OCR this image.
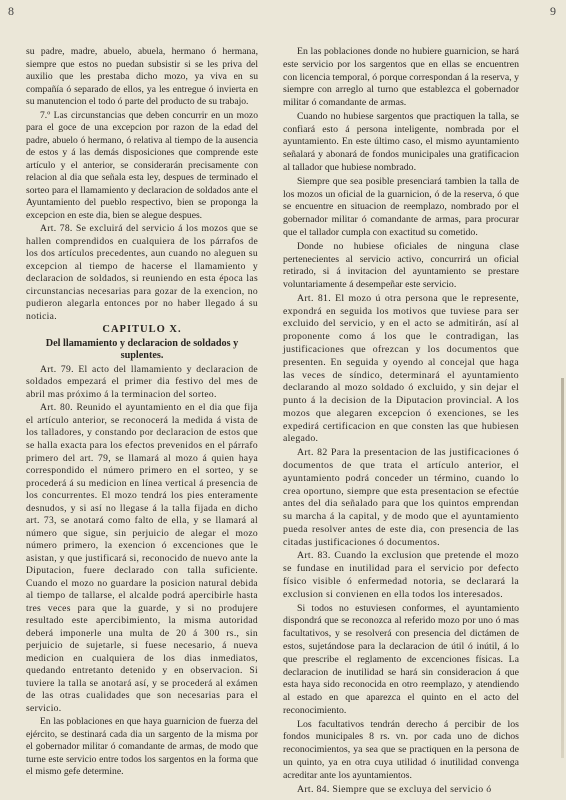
8	9

su padre, madre, abuelo, abuela, hermano ó hermana, siempre que estos no puedan subsistir si se les priva del auxilio que les prestaba dicho mozo, ya viva en su compañía ó separado de ellos, ya les entregue ó invierta en su manutencion el todo ó parte del producto de su trabajo.

7.º Las circunstancias que deben concurrir en un mozo para el goce de una excepcion por razon de la edad del padre, abuelo ó hermano, ó relativa al tiempo de la ausencia de estos y á las demás disposiciones que comprende este artículo y el anterior, se considerarán precisamente con relacion al dia que señala esta ley, despues de terminado el sorteo para el llamamiento y declaracion de soldados ante el Ayuntamiento del pueblo respectivo, bien se proponga la excepcion en este dia, bien se alegue despues.

Art. 78. Se excluirá del servicio á los mozos que se hallen comprendidos en cualquiera de los párrafos de los dos artículos precedentes, aun cuando no aleguen su excepcion al tiempo de hacerse el llamamiento y declaracion de soldados, si reuniendo en esta época las circunstancias necesarias para gozar de la exencion, no pudieron alegarla entonces por no haber llegado á su noticia.

CAPITULO X.

Del llamamiento y declaracion de soldados y suplentes.

Art. 79. El acto del llamamiento y declaracion de soldados empezará el primer dia festivo del mes de abril mas próximo á la terminacion del sorteo.

Art. 80. Reunido el ayuntamiento en el dia que fija el artículo anterior, se reconocerá la medida á vista de los talladores, y constando por declaracion de estos que se halla exacta para los efectos prevenidos en el párrafo primero del art. 79, se llamará al mozo á quien haya correspondido el número primero en el sorteo, y se procederá á su medicion en línea vertical á presencia de los concurrentes. El mozo tendrá los pies enteramente desnudos, y si así no llegase á la talla fijada en dicho art. 73, se anotará como falto de ella, y se llamará al número que sigue, sin perjuicio de alegar el mozo número primero, la exencion ó excenciones que le asistan, y que justificará si, reconocido de nuevo ante la Diputacion, fuere declarado con talla suficiente. Cuando el mozo no guardare la posicion natural debida al tiempo de tallarse, el alcalde podrá apercibirle hasta tres veces para que la guarde, y si no produjere resultado este apercibimiento, la misma autoridad deberá imponerle una multa de 20 á 300 rs., sin perjuicio de sujetarle, si fuese necesario, á nueva medicion en cualquiera de los dias inmediatos, quedando entretanto detenido y en observacion. Si tuviere la talla se anotará así, y se procederá al exámen de las otras cualidades que son necesarias para el servicio.

En las poblaciones en que haya guarnicion de fuerza del ejército, se destinará cada dia un sargento de la misma por el gobernador militar ó comandante de armas, de modo que turne este servicio entre todos los sargentos en la forma que el mismo gefe determine.

En las poblaciones donde no hubiere guarnicion, se hará este servicio por los sargentos que en ellas se encuentren con licencia temporal, ó porque correspondan á la reserva, y siempre con arreglo al turno que establezca el gobernador militar ó comandante de armas.

Cuando no hubiese sargentos que practiquen la talla, se confiará esto á persona inteligente, nombrada por el ayuntamiento. En este último caso, el mismo ayuntamiento señalará y abonará de fondos municipales una gratificacion al tallador que hubiese nombrado.

Siempre que sea posible presenciará tambien la talla de los mozos un oficial de la guarnicion, ó de la reserva, ó que se encuentre en situacion de reemplazo, nombrado por el gobernador militar ó comandante de armas, para procurar que el tallador cumpla con exactitud su cometido.

Donde no hubiese oficiales de ninguna clase pertenecientes al servicio activo, concurrirá un oficial retirado, si á invitacion del ayuntamiento se prestare voluntariamente á desempeñar este servicio.

Art. 81. El mozo ú otra persona que le represente, expondrá en seguida los motivos que tuviese para ser excluido del servicio, y en el acto se admitirán, así al proponente como á los que le contradigan, las justificaciones que ofrezcan y los documentos que presenten. En seguida y oyendo al concejal que haga las veces de síndico, determinará el ayuntamiento declarando al mozo soldado ó excluido, y sin dejar el punto á la decision de la Diputacion provincial. A los mozos que alegaren excepcion ó exenciones, se les expedirá certificacion en que consten las que hubiesen alegado.

Art. 82 Para la presentacion de las justificaciones ó documentos de que trata el artículo anterior, el ayuntamiento podrá conceder un término, cuando lo crea oportuno, siempre que esta presentacion se efectúe antes del dia señalado para que los quintos emprendan su marcha á la capital, y de modo que el ayuntamiento pueda resolver antes de este dia, con presencia de las citadas justificaciones ó documentos.

Art. 83. Cuando la exclusion que pretende el mozo se fundase en inutilidad para el servicio por defecto físico visible ó enfermedad notoria, se declarará la exclusion si convienen en ella todos los interesados.

Si todos no estuviesen conformes, el ayuntamiento dispondrá que se reconozca al referido mozo por uno ó mas facultativos, y se resolverá con presencia del dictámen de estos, sujetándose para la declaracion de útil ó inútil, á lo que prescribe el reglamento de excenciones físicas. La declaracion de inutilidad se hará sin consideracion á que esta haya sido reconocida en otro reemplazo, y atendiendo al estado en que aparezca el quinto en el acto del reconocimiento.

Los facultativos tendrán derecho á percibir de los fondos municipales 8 rs. vn. por cada uno de dichos reconocimientos, ya sea que se practiquen en la persona de un quinto, ya en otra cuya utilidad ó inutilidad convenga acreditar ante los ayuntamientos.

Art. 84. Siempre que se excluya del servicio ó
